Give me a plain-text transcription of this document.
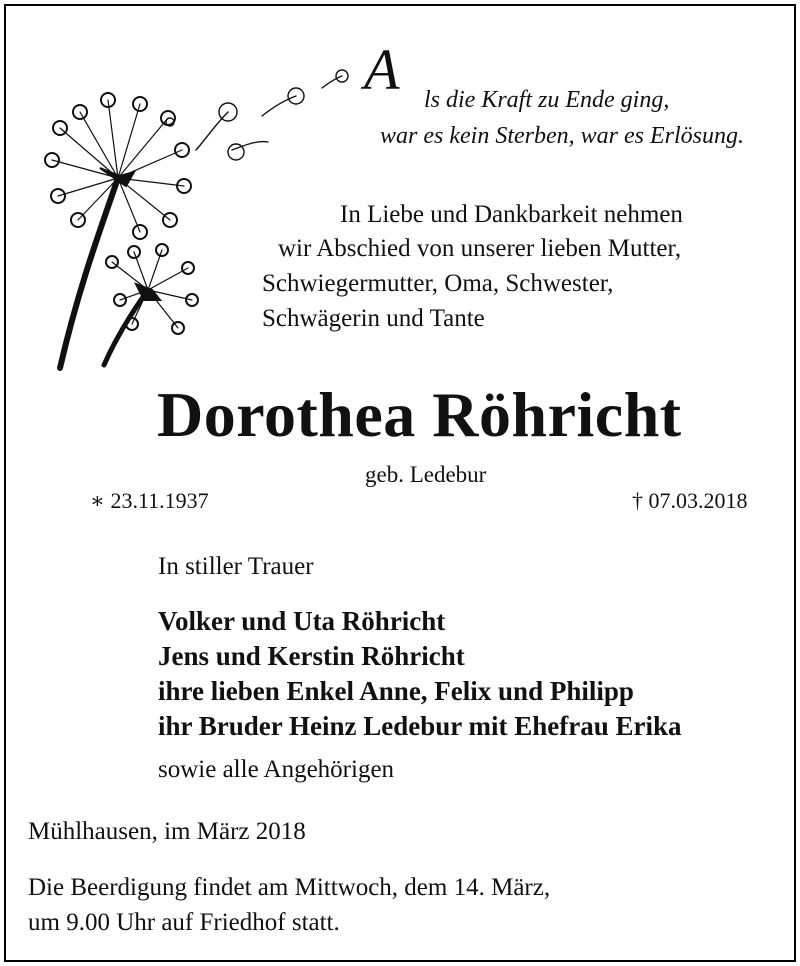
A	ls die Kraft zu Ende ging,
war es kein Sterben, war es Erlösung.
In Liebe und Dankbarkeit nehmen
wir Abschied von unserer lieben Mutter,
Schwiegermutter, Oma, Schwester,
Schwägerin und Tante
Dorothea Röhricht
geb. Ledebur
∗ 23.11.1937	† 07.03.2018
In stiller Trauer
Volker und Uta Röhricht
Jens und Kerstin Röhricht
ihre lieben Enkel Anne, Felix und Philipp
ihr Bruder Heinz Ledebur mit Ehefrau Erika
sowie alle Angehörigen
Mühlhausen, im März 2018
Die Beerdigung findet am Mittwoch, dem 14. März,
um 9.00 Uhr auf Friedhof statt.
